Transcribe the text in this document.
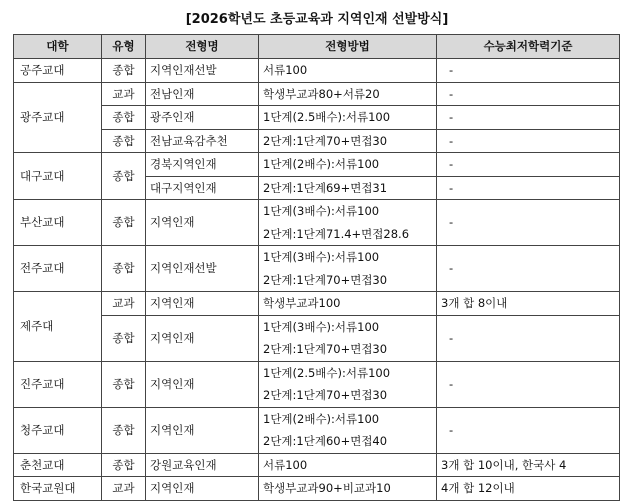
[2026학년도 초등교육과 지역인재 선발방식]
대학	유형	전형명	전형방법	수능최저학력기준
공주교대	종합	지역인재선발	서류100	-
광주교대	교과	전남인재	학생부교과80+서류20	-
	종합	광주인재	1단계(2.5배수):서류100	-
	종합	전남교육감추천	2단계:1단계70+면접30	-
대구교대	종합	경북지역인재	1단계(2배수):서류100	-
		대구지역인재	2단계:1단계69+면접31	-
부산교대	종합	지역인재	1단계(3배수):서류100
2단계:1단계71.4+면접28.6	-
전주교대	종합	지역인재선발	1단계(3배수):서류100
2단계:1단계70+면접30	-
제주대	교과	지역인재	학생부교과100	3개 합 8이내
	종합	지역인재	1단계(3배수):서류100
2단계:1단계70+면접30	-
진주교대	종합	지역인재	1단계(2.5배수):서류100
2단계:1단계70+면접30	-
청주교대	종합	지역인재	1단계(2배수):서류100
2단계:1단계60+면접40	-
춘천교대	종합	강원교육인재	서류100	3개 합 10이내, 한국사 4
한국교원대	교과	지역인재	학생부교과90+비교과10	4개 합 12이내
